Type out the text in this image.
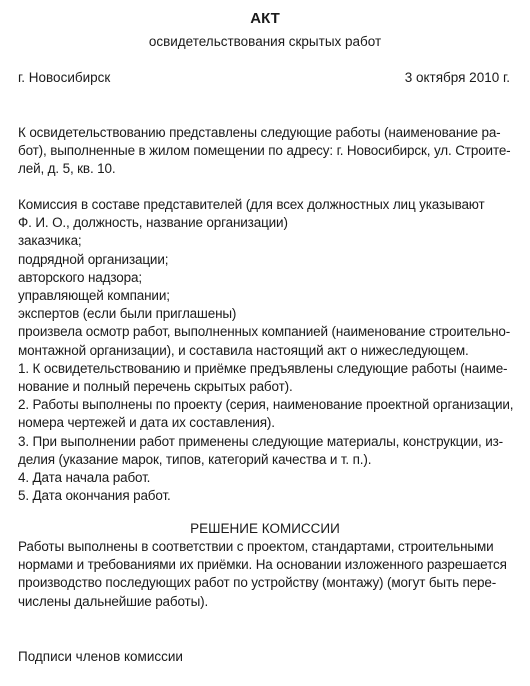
АКТ
освидетельствования скрытых работ
г. Новосибирск	3 октября 2010 г.
К освидетельствованию представлены следующие работы (наименование ра-
бот), выполненные в жилом помещении по адресу: г. Новосибирск, ул. Строите-
лей, д. 5, кв. 10.
Комиссия в составе представителей (для всех должностных лиц указывают
Ф. И. О., должность, название организации)
заказчика;
подрядной организации;
авторского надзора;
управляющей компании;
экспертов (если были приглашены)
произвела осмотр работ, выполненных компанией (наименование строительно-
монтажной организации), и составила настоящий акт о нижеследующем.
1. К освидетельствованию и приёмке предъявлены следующие работы (наиме-
нование и полный перечень скрытых работ).
2. Работы выполнены по проекту (серия, наименование проектной организации,
номера чертежей и дата их составления).
3. При выполнении работ применены следующие материалы, конструкции, из-
делия (указание марок, типов, категорий качества и т. п.).
4. Дата начала работ.
5. Дата окончания работ.
РЕШЕНИЕ КОМИССИИ
Работы выполнены в соответствии с проектом, стандартами, строительными
нормами и требованиями их приёмки. На основании изложенного разрешается
производство последующих работ по устройству (монтажу) (могут быть пере-
числены дальнейшие работы).
Подписи членов комиссии
